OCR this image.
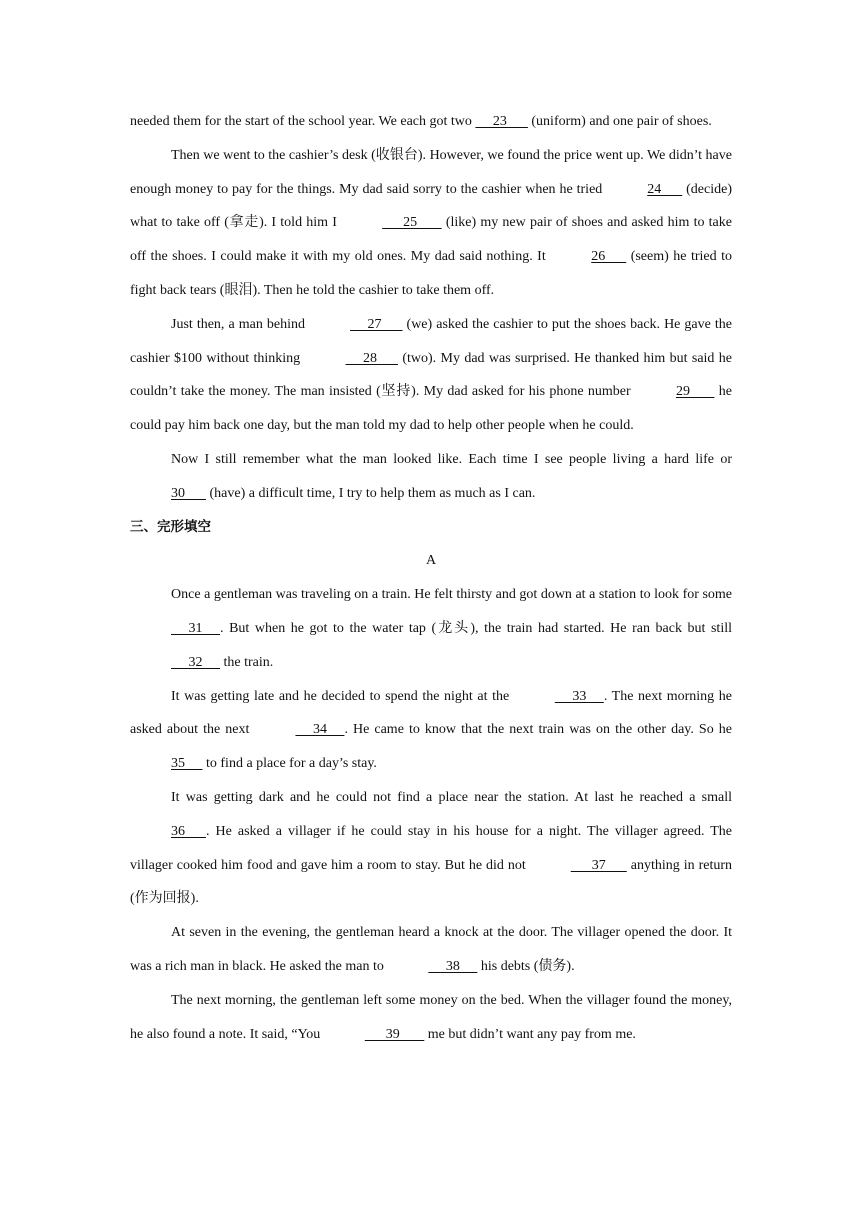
needed them for the start of the school year. We each got two      23       (uniform) and one pair of shoes.

Then we went to the cashier’s desk (收银台). However, we found the price went up. We didn’t have enough money to pay for the things. My dad said sorry to the cashier when he tried	24       (decide) what to take off (拿走). I told him I	25        (like) my new pair of shoes and asked him to take off the shoes. I could make it with my old ones. My dad said nothing. It	26       (seem) he tried to fight back tears (眼泪). Then he told the cashier to take them off.

Just then, a man behind	27       (we) asked the cashier to put the shoes back. He gave the cashier $100 without thinking	28       (two). My dad was surprised. He thanked him but said he couldn’t take the money. The man insisted (坚持). My dad asked for his phone number	29        he could pay him back one day, but the man told my dad to help other people when he could.

Now I still remember what the man looked like. Each time I see people living a hard life or 30       (have) a difficult time, I try to help them as much as I can.

三、完形填空

A

Once a gentleman was traveling on a train. He felt thirsty and got down at a station to look for some      31     . But when he got to the water tap (龙头), the train had started. He ran back but still      32      the train.

It was getting late and he decided to spend the night at the	33     . The next morning he asked about the next	34     . He came to know that the next train was on the other day. So he 35      to find a place for a day’s stay.

It was getting dark and he could not find a place near the station. At last he reached a small 36      . He asked a villager if he could stay in his house for a night. The villager agreed. The villager cooked him food and gave him a room to stay. But he did not	37       anything in return (作为回报).

At seven in the evening, the gentleman heard a knock at the door. The villager opened the door. It was a rich man in black. He asked the man to	38      his debts (债务).

The next morning, the gentleman left some money on the bed. When the villager found the money, he also found a note. It said, “You	39        me but didn’t want any pay from me.
